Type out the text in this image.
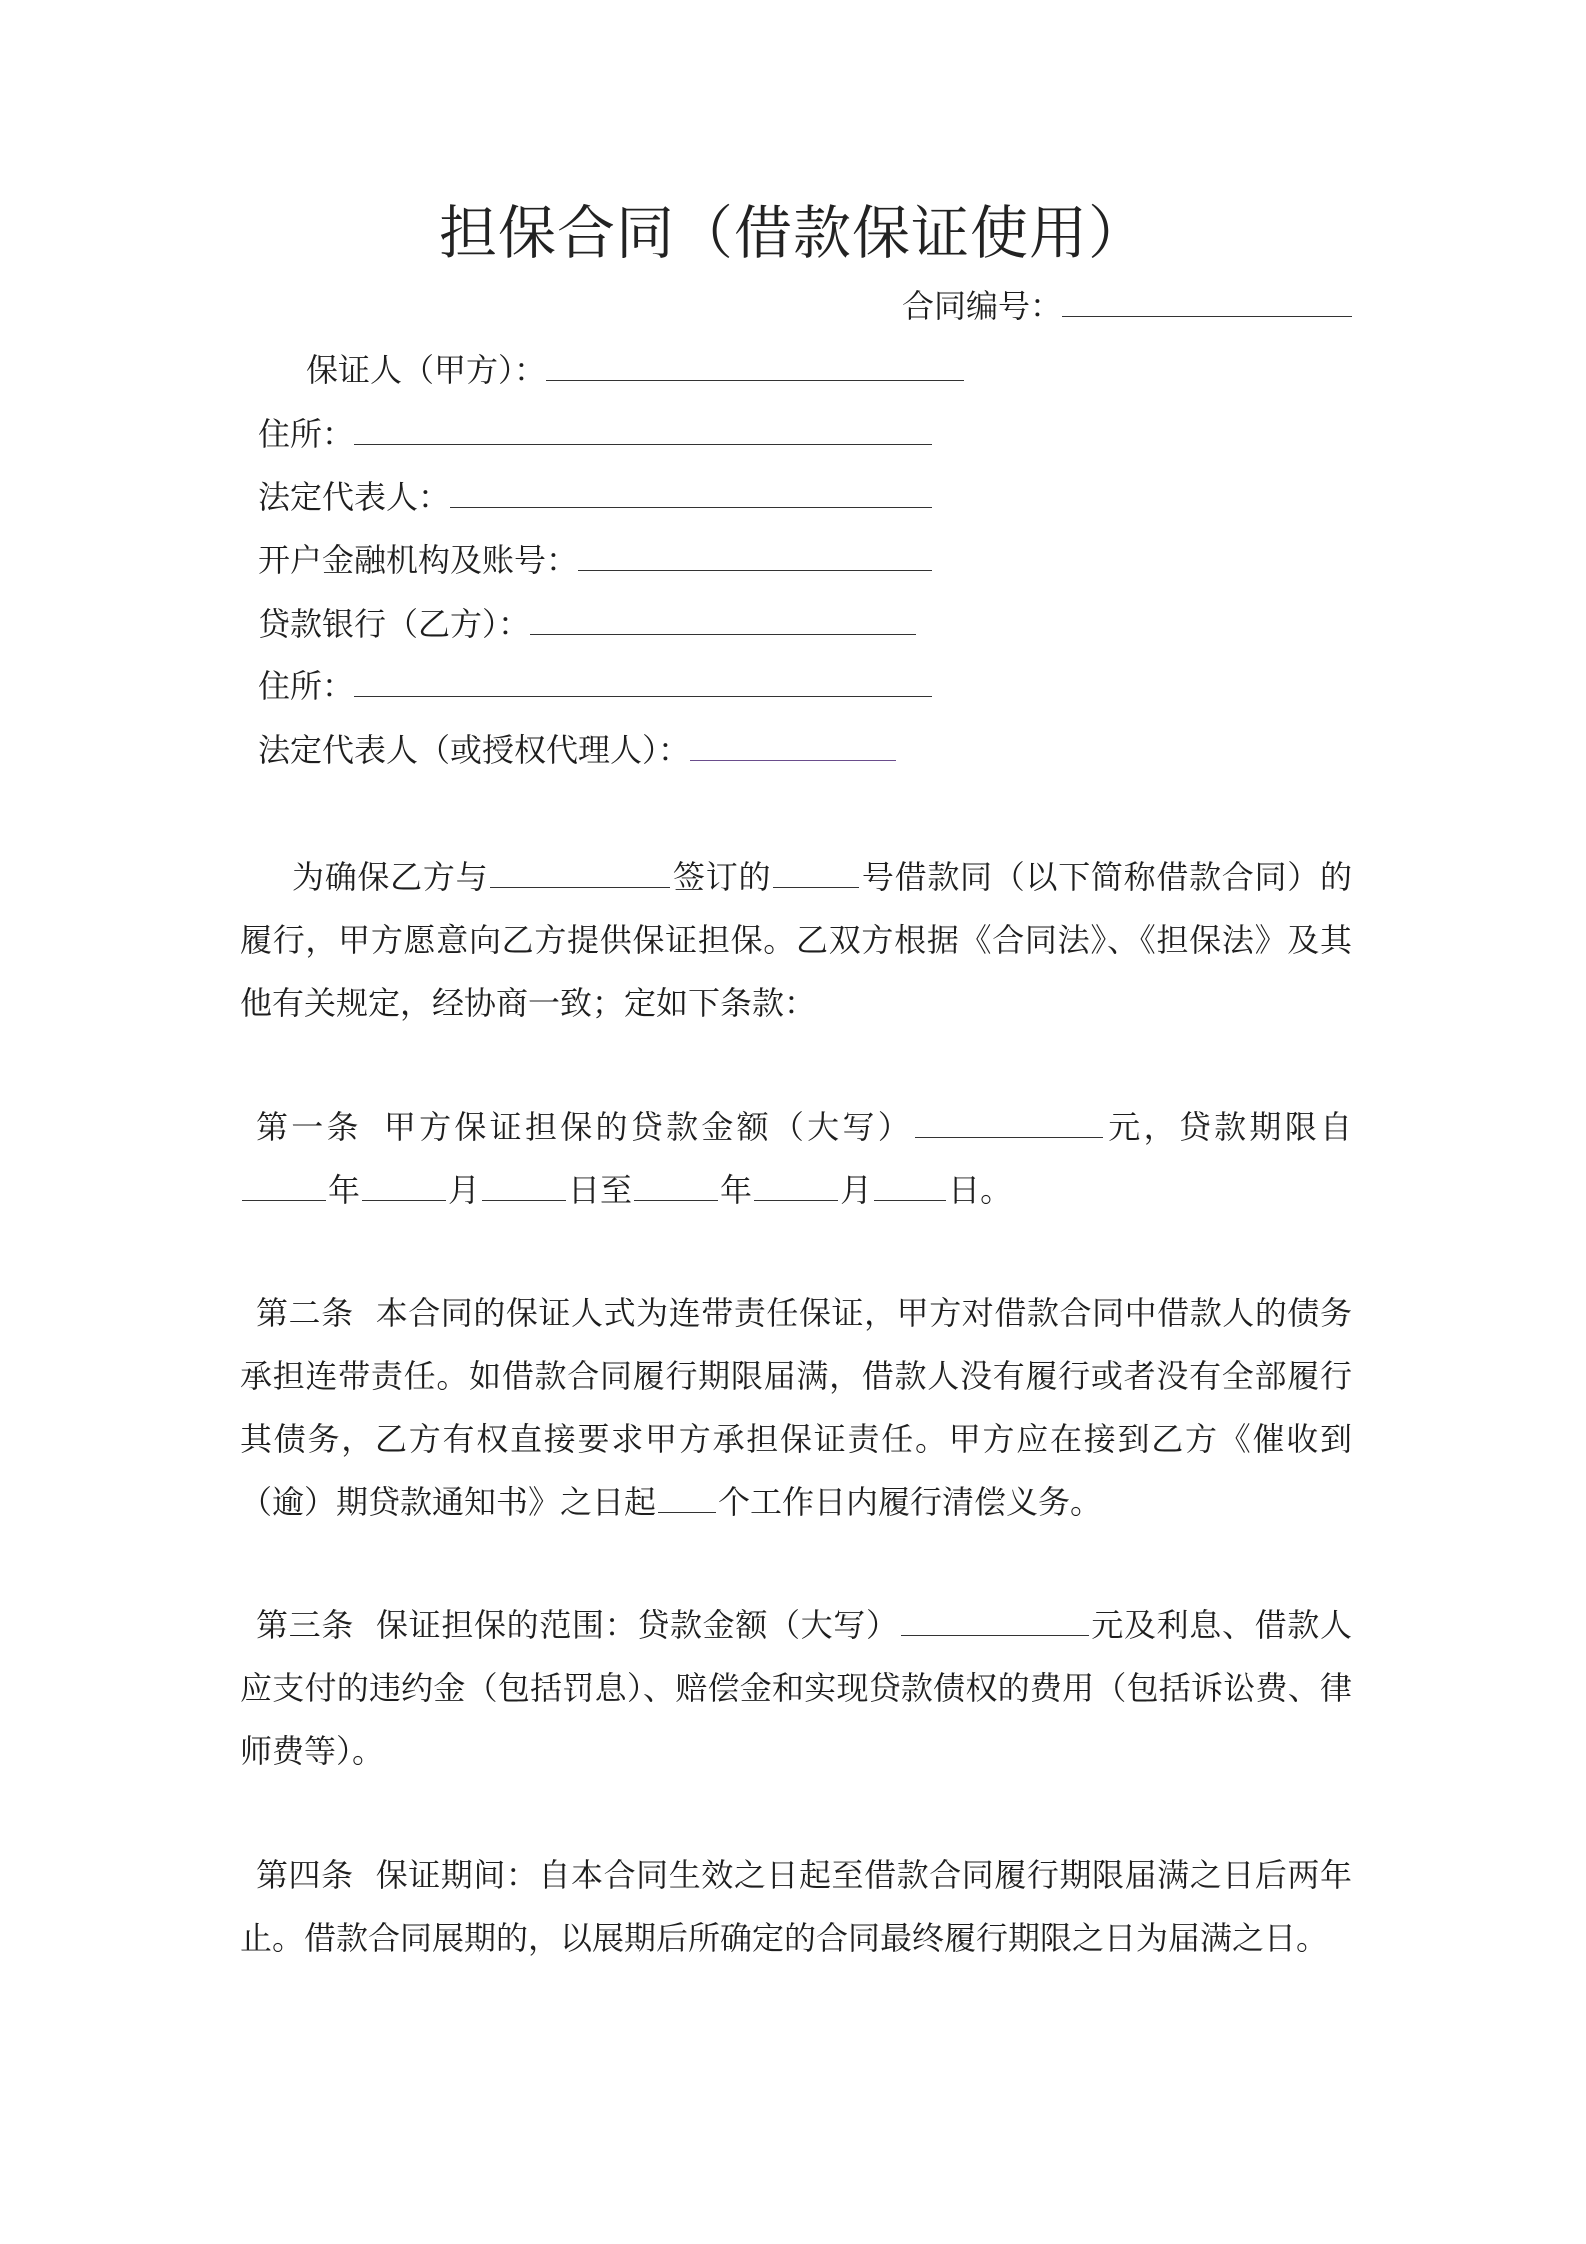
担保合同（借款保证使用）
合同编号：
保证人（甲方）：
住所：
法定代表人：
开户金融机构及账号：
贷款银行（乙方）：
住所：
法定代表人（或授权代理人）：
为确保乙方与	签订的	号借款同（以下简称借款合同）的履行，甲方愿意向乙方提供保证担保。乙双方根据《合同法》、《担保法》及其他有关规定，经协商一致；定如下条款：
第一条 甲方保证担保的贷款金额（大写）	元，贷款期限自年	月	日至	年	月 日。
第二条 本合同的保证人式为连带责任保证，甲方对借款合同中借款人的债务承担连带责任。如借款合同履行期限届满，借款人没有履行或者没有全部履行其债务，乙方有权直接要求甲方承担保证责任。甲方应在接到乙方《催收到（逾）期贷款通知书》之日起 个工作日内履行清偿义务。
第三条 保证担保的范围：贷款金额（大写）	元及利息、借款人应支付的违约金（包括罚息）、赔偿金和实现贷款债权的费用（包括诉讼费、律师费等）。
第四条 保证期间：自本合同生效之日起至借款合同履行期限届满之日后两年止。借款合同展期的，以展期后所确定的合同最终履行期限之日为届满之日。
